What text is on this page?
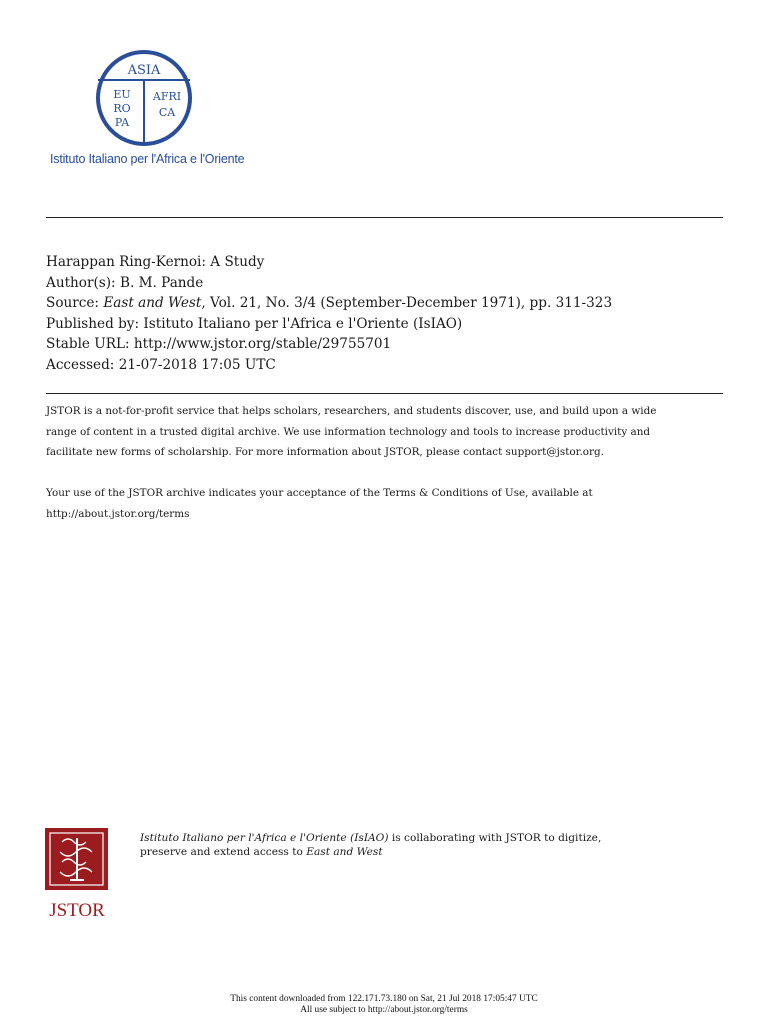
ASIA
EU
RO
PA
AFRI
CA
Istituto Italiano per l'Africa e l'Oriente
Harappan Ring-Kernoi: A Study
Author(s): B. M. Pande
Source: East and West, Vol. 21, No. 3/4 (September-December 1971), pp. 311-323
Published by: Istituto Italiano per l'Africa e l'Oriente (IsIAO)
Stable URL: http://www.jstor.org/stable/29755701
Accessed: 21-07-2018 17:05 UTC

JSTOR is a not-for-profit service that helps scholars, researchers, and students discover, use, and build upon a wide
range of content in a trusted digital archive. We use information technology and tools to increase productivity and
facilitate new forms of scholarship. For more information about JSTOR, please contact support@jstor.org.

Your use of the JSTOR archive indicates your acceptance of the Terms & Conditions of Use, available at
http://about.jstor.org/terms

JSTOR
Istituto Italiano per l'Africa e l'Oriente (IsIAO) is collaborating with JSTOR to digitize,
preserve and extend access to East and West
This content downloaded from 122.171.73.180 on Sat, 21 Jul 2018 17:05:47 UTC
All use subject to http://about.jstor.org/terms
